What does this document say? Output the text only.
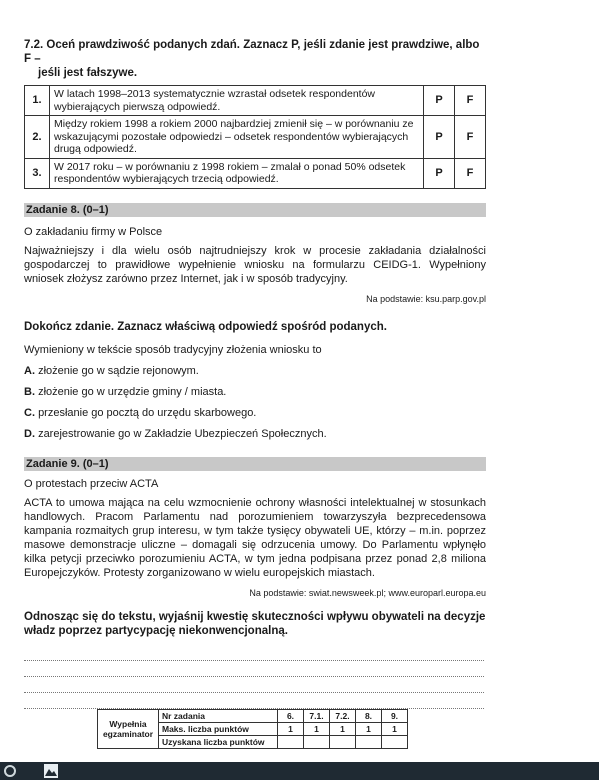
7.2. Oceń prawdziwość podanych zdań. Zaznacz P, jeśli zdanie jest prawdziwe, albo F –
jeśli jest fałszywe.
1.	W latach 1998–2013 systematycznie wzrastał odsetek respondentów wybierających pierwszą odpowiedź.	P	F
2.	Między rokiem 1998 a rokiem 2000 najbardziej zmienił się – w porównaniu ze wskazującymi pozostałe odpowiedzi – odsetek respondentów wybierających drugą odpowiedź.	P	F
3.	W 2017 roku – w porównaniu z 1998 rokiem – zmalał o ponad 50% odsetek respondentów wybierających trzecią odpowiedź.	P	F
Zadanie 8. (0–1)

O zakładaniu firmy w Polsce

Najważniejszy i dla wielu osób najtrudniejszy krok w procesie zakładania działalności gospodarczej to prawidłowe wypełnienie wniosku na formularzu CEIDG-1. Wypełniony wniosek złożysz zarówno przez Internet, jak i w sposób tradycyjny.

Na podstawie: ksu.parp.gov.pl

Dokończ zdanie. Zaznacz właściwą odpowiedź spośród podanych.

Wymieniony w tekście sposób tradycyjny złożenia wniosku to

A. złożenie go w sądzie rejonowym.

B. złożenie go w urzędzie gminy / miasta.

C. przesłanie go pocztą do urzędu skarbowego.

D. zarejestrowanie go w Zakładzie Ubezpieczeń Społecznych.

Zadanie 9. (0–1)

O protestach przeciw ACTA

ACTA to umowa mająca na celu wzmocnienie ochrony własności intelektualnej w stosunkach handlowych. Pracom Parlamentu nad porozumieniem towarzyszyła bezprecedensowa kampania rozmaitych grup interesu, w tym także tysięcy obywateli UE, którzy – m.in. poprzez masowe demonstracje uliczne – domagali się odrzucenia umowy. Do Parlamentu wpłynęło kilka petycji przeciwko porozumieniu ACTA, w tym jedna podpisana przez ponad 2,8 miliona Europejczyków. Protesty zorganizowano w wielu europejskich miastach.

Na podstawie: swiat.newsweek.pl; www.europarl.europa.eu

Odnosząc się do tekstu, wyjaśnij kwestię skuteczności wpływu obywateli na decyzje władz poprzez partycypację niekonwencjonalną.

Wypełnia egzaminator	Nr zadania	6.	7.1.	7.2.	8.	9.
	Maks. liczba punktów	1	1	1	1	1
	Uzyskana liczba punktów					
